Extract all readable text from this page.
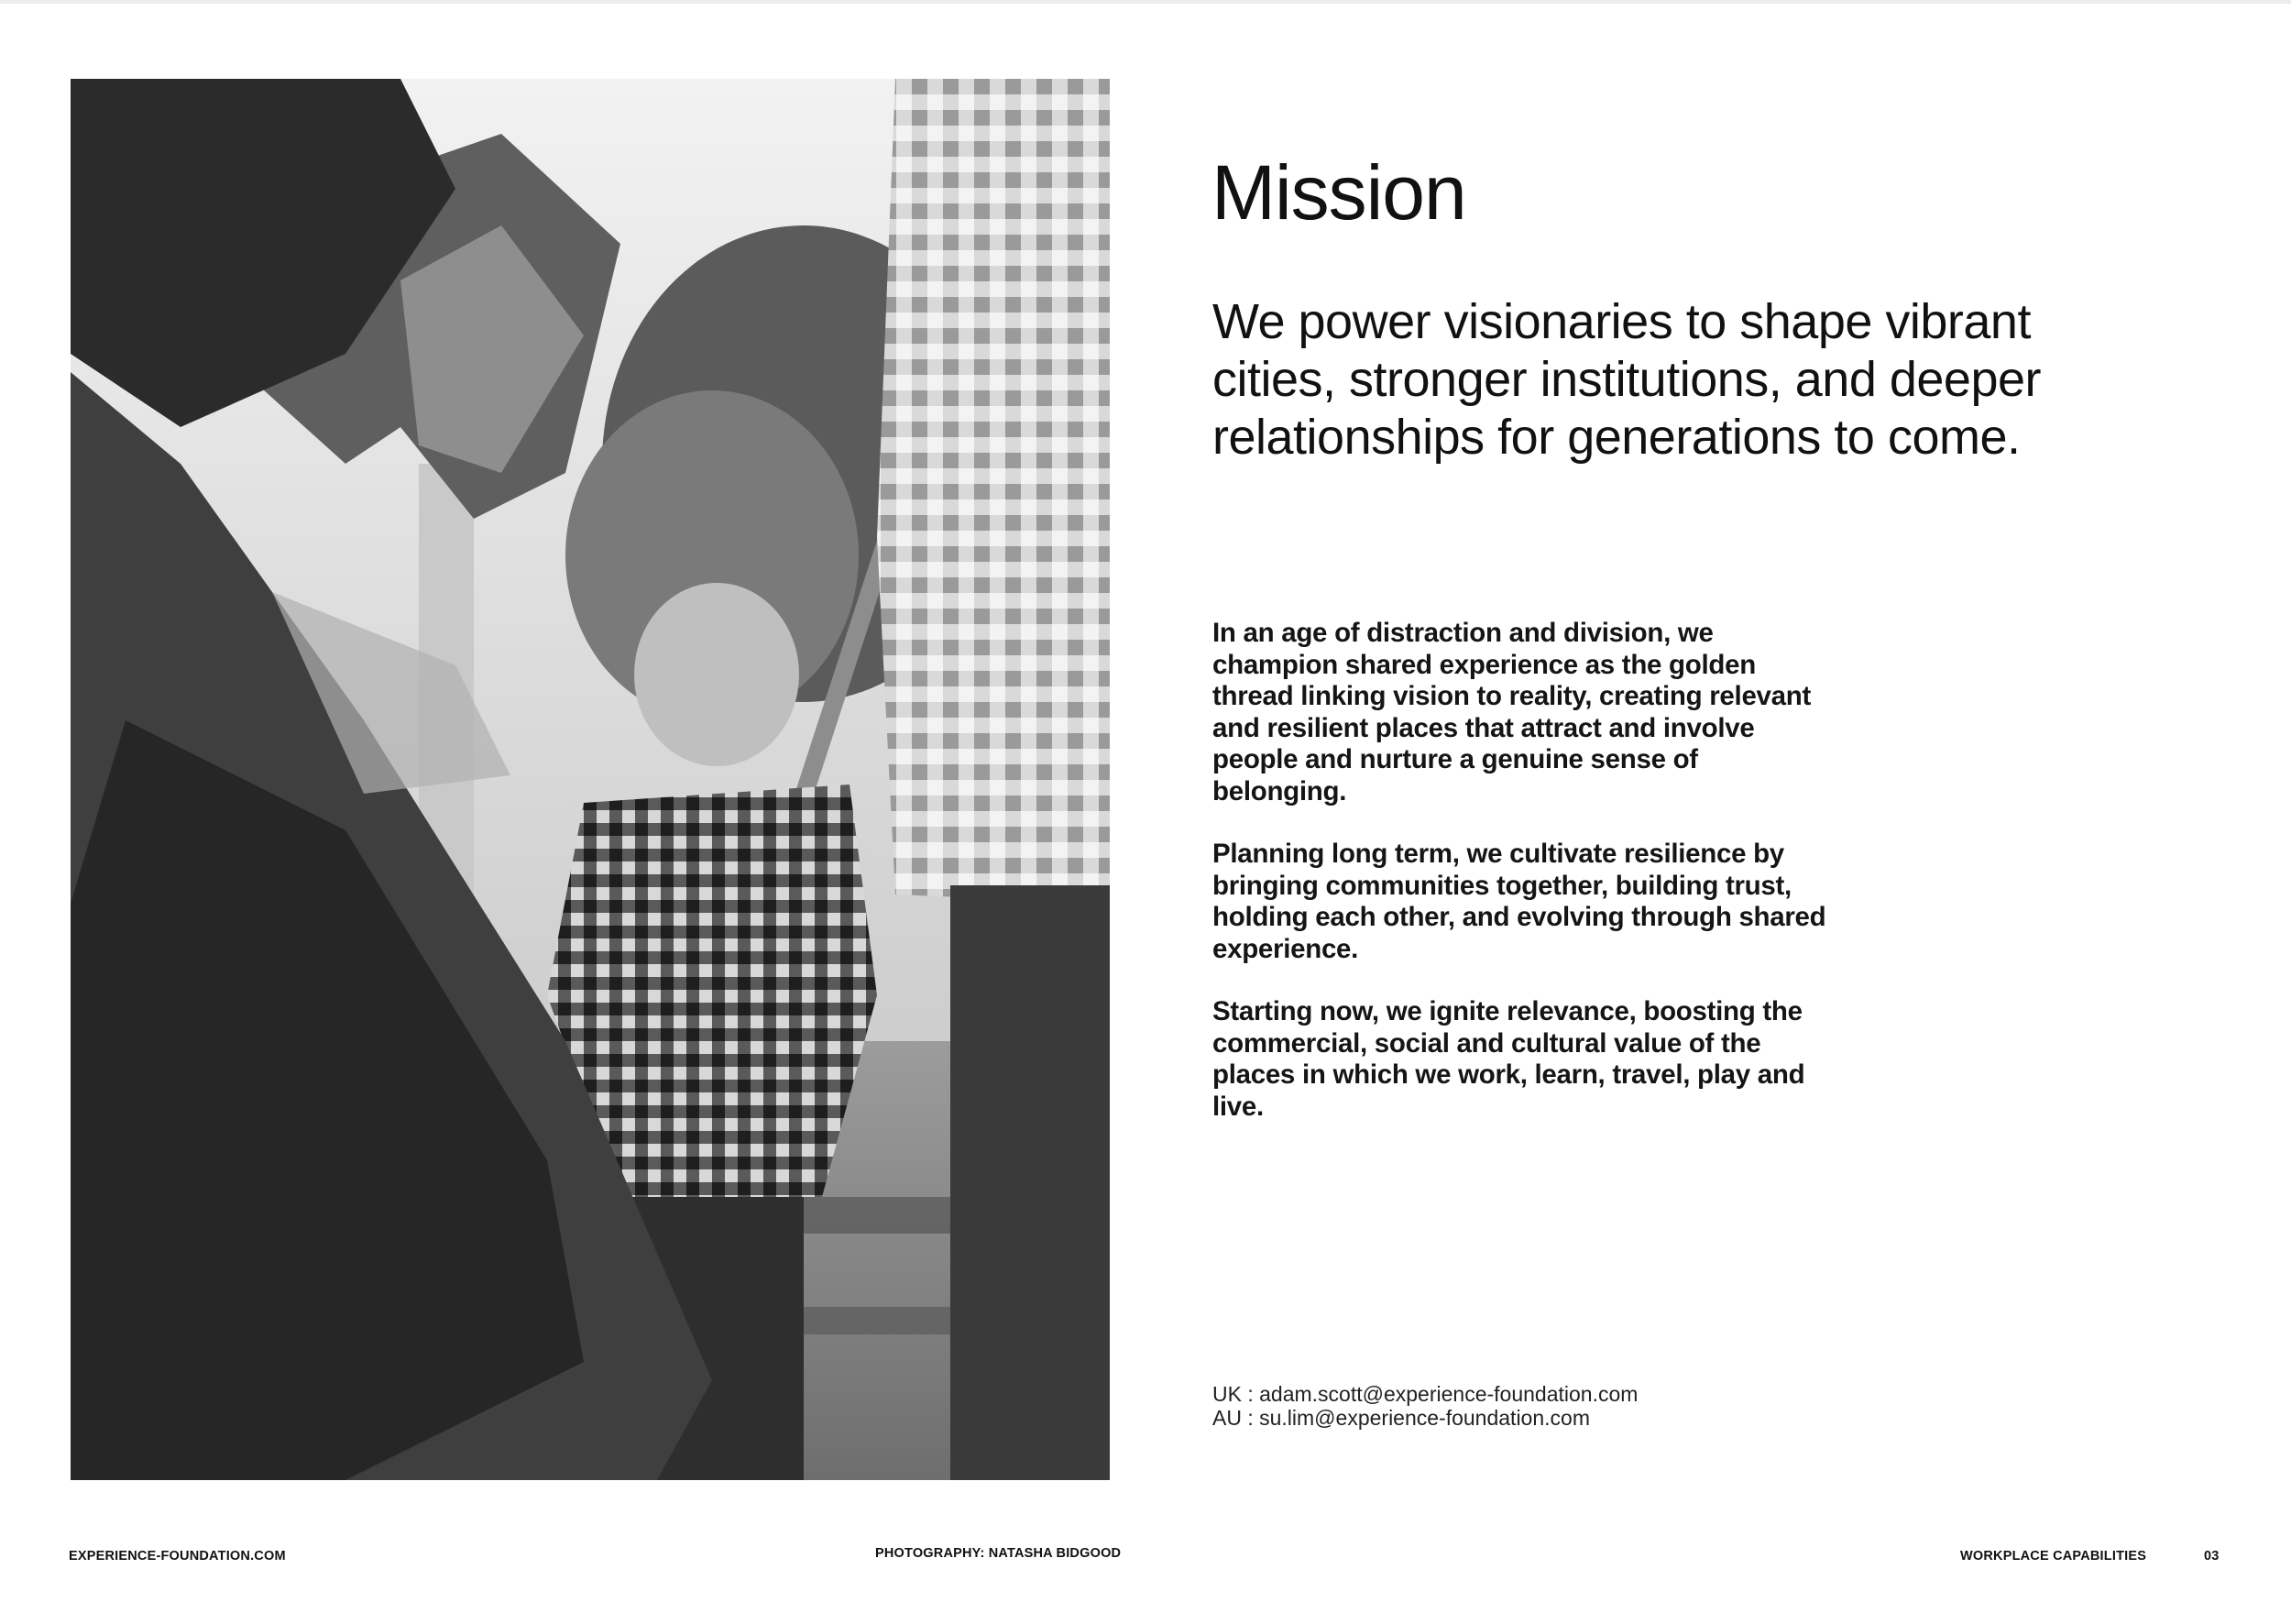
Mission

We power visionaries to shape vibrant cities, stronger institutions, and deeper relationships for generations to come.

In an age of distraction and division, we champion shared experience as the golden thread linking vision to reality, creating relevant and resilient places that attract and involve people and nurture a genuine sense of belonging.

Planning long term, we cultivate resilience by bringing communities together, building trust, holding each other, and evolving through shared experience.

Starting now, we ignite relevance, boosting the commercial, social and cultural value of the places in which we work, learn, travel, play and live.

UK : adam.scott@experience-foundation.com
AU : su.lim@experience-foundation.com
EXPERIENCE-FOUNDATION.COM	PHOTOGRAPHY: NATASHA BIDGOOD	WORKPLACE CAPABILITIES	03
